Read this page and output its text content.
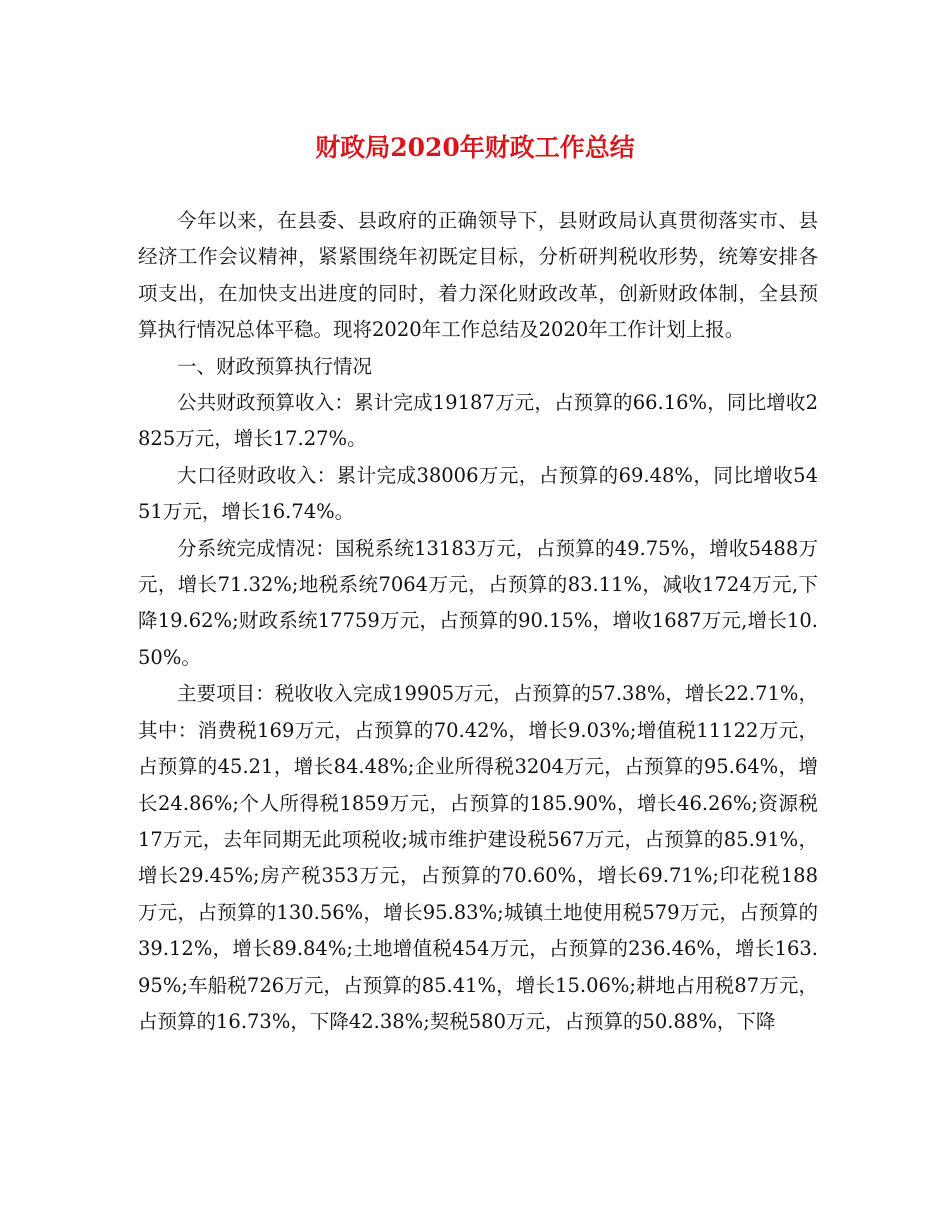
财政局2020年财政工作总结

今年以来，在县委、县政府的正确领导下，县财政局认真贯彻落实市、县经济工作会议精神，紧紧围绕年初既定目标，分析研判税收形势，统筹安排各项支出，在加快支出进度的同时，着力深化财政改革，创新财政体制，全县预算执行情况总体平稳。现将2020年工作总结及2020年工作计划上报。

一、财政预算执行情况

公共财政预算收入：累计完成19187万元，占预算的66.16%，同比增收2825万元，增长17.27%。

大口径财政收入：累计完成38006万元，占预算的69.48%，同比增收5451万元，增长16.74%。

分系统完成情况：国税系统13183万元，占预算的49.75%，增收5488万元，增长71.32%;地税系统7064万元，占预算的83.11%，减收1724万元,下降19.62%;财政系统17759万元，占预算的90.15%，增收1687万元,增长10.50%。

主要项目：税收收入完成19905万元，占预算的57.38%，增长22.71%，其中：消费税169万元，占预算的70.42%，增长9.03%;增值税11122万元，占预算的45.21，增长84.48%;企业所得税3204万元，占预算的95.64%，增长24.86%;个人所得税1859万元，占预算的185.90%，增长46.26%;资源税17万元，去年同期无此项税收;城市维护建设税567万元，占预算的85.91%，增长29.45%;房产税353万元，占预算的70.60%，增长69.71%;印花税188万元，占预算的130.56%，增长95.83%;城镇土地使用税579万元，占预算的39.12%，增长89.84%;土地增值税454万元，占预算的236.46%，增长163.95%;车船税726万元，占预算的85.41%，增长15.06%;耕地占用税87万元，占预算的16.73%，下降42.38%;契税580万元，占预算的50.88%，下降
